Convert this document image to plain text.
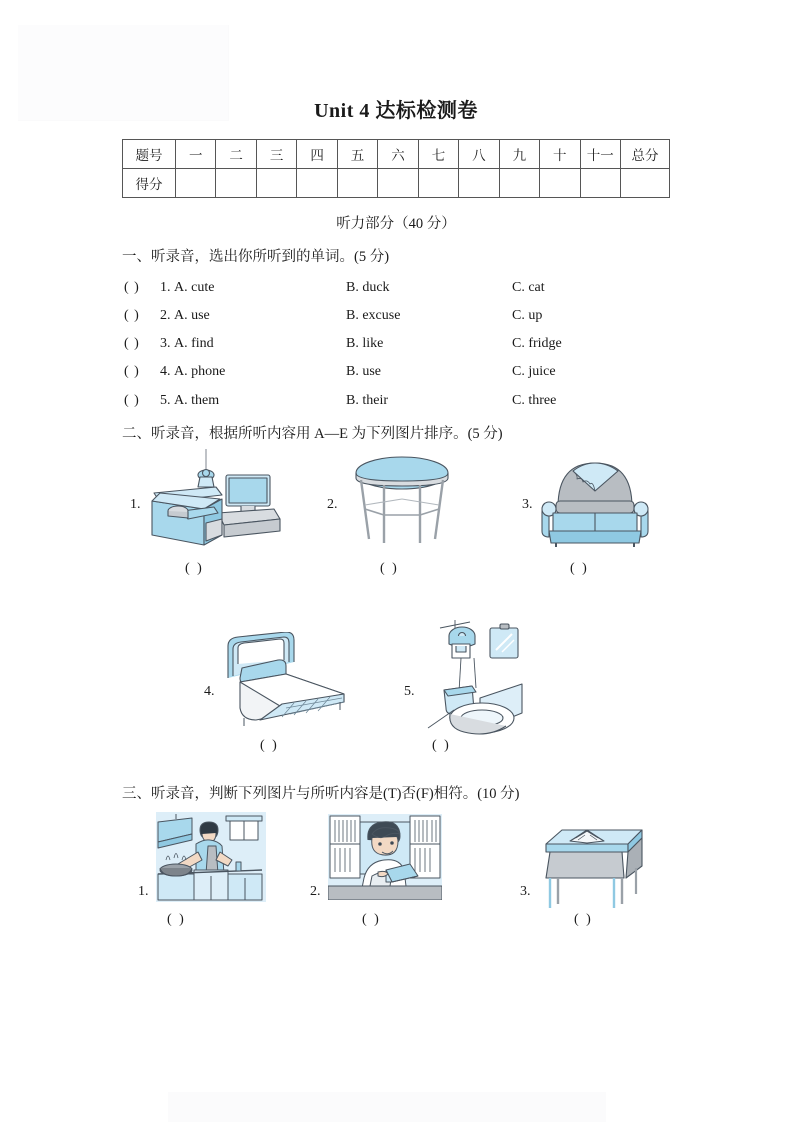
Unit 4 达标检测卷
题号	一	二	三	四	五	六	七	八	九	十	十一	总分
得分												
听力部分（40 分）
一、听录音，选出你所听到的单词。(5 分)
( )	1. A. cute	B. duck	C. cat
( )	2. A. use	B. excuse	C. up
( )	3. A. find	B. like	C. fridge
( )	4. A. phone	B. use	C. juice
( )	5. A. them	B. their	C. three
二、听录音，根据所听内容用 A—E 为下列图片排序。(5 分)
1.
( )
2.
( )
3.
( )
4.
( )
5.
( )
三、听录音，判断下列图片与所听内容是(T)否(F)相符。(10 分)
1.
( )
2.
( )
3.
( )
